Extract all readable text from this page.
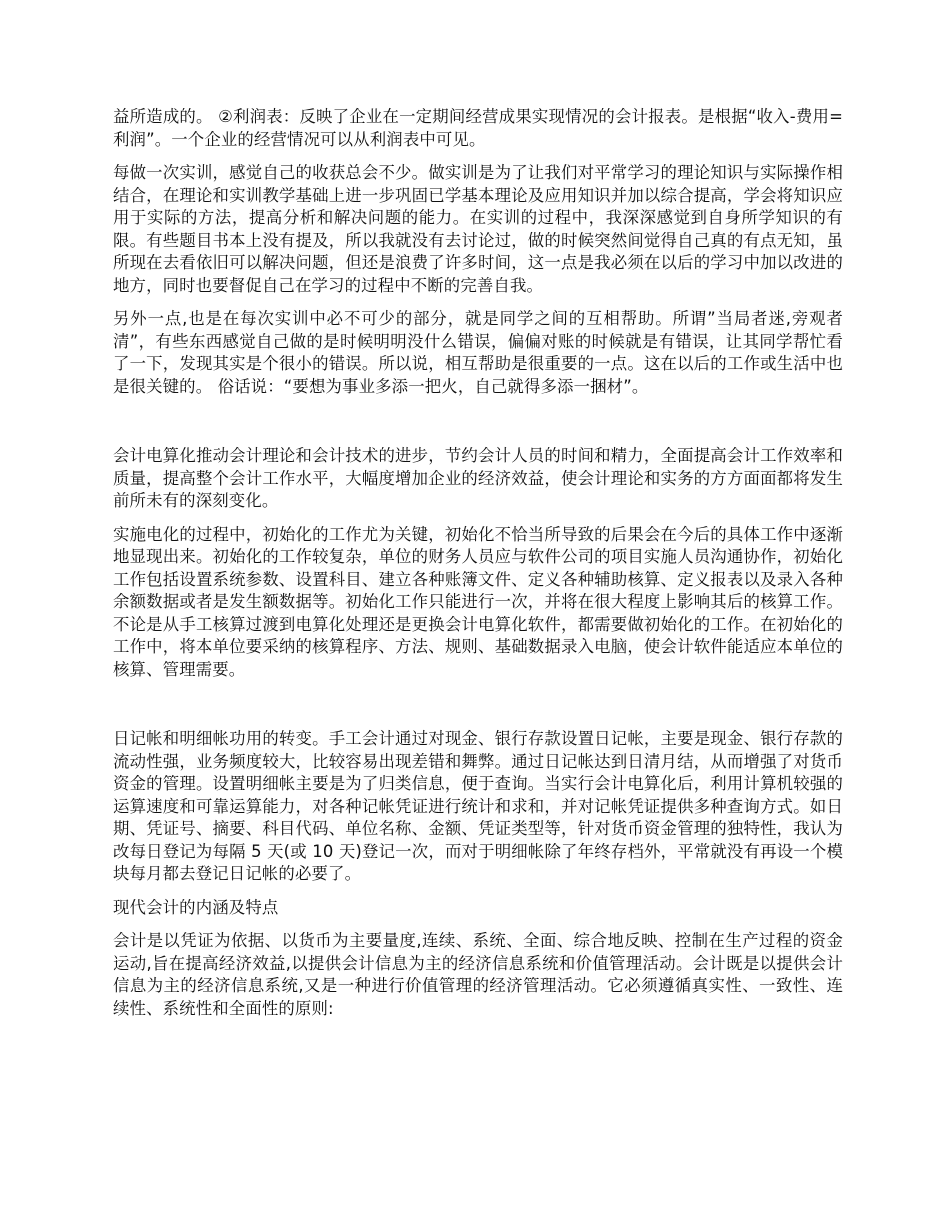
益所造成的。 ②利润表：反映了企业在一定期间经营成果实现情况的会计报表。是根据“收入-费用=利润”。一个企业的经营情况可以从利润表中可见。

每做一次实训，感觉自己的收获总会不少。做实训是为了让我们对平常学习的理论知识与实际操作相结合，在理论和实训教学基础上进一步巩固已学基本理论及应用知识并加以综合提高，学会将知识应用于实际的方法，提高分析和解决问题的能力。在实训的过程中，我深深感觉到自身所学知识的有限。有些题目书本上没有提及，所以我就没有去讨论过，做的时候突然间觉得自己真的有点无知，虽所现在去看依旧可以解决问题，但还是浪费了许多时间，这一点是我必须在以后的学习中加以改进的地方，同时也要督促自己在学习的过程中不断的完善自我。

另外一点,也是在每次实训中必不可少的部分，就是同学之间的互相帮助。所谓”当局者迷,旁观者清”，有些东西感觉自己做的是时候明明没什么错误，偏偏对账的时候就是有错误，让其同学帮忙看了一下，发现其实是个很小的错误。所以说，相互帮助是很重要的一点。这在以后的工作或生活中也是很关键的。 俗话说：“要想为事业多添一把火，自己就得多添一捆材”。

会计电算化推动会计理论和会计技术的进步，节约会计人员的时间和精力，全面提高会计工作效率和质量，提高整个会计工作水平，大幅度增加企业的经济效益，使会计理论和实务的方方面面都将发生前所未有的深刻变化。

实施电化的过程中，初始化的工作尤为关键，初始化不恰当所导致的后果会在今后的具体工作中逐渐地显现出来。初始化的工作较复杂，单位的财务人员应与软件公司的项目实施人员沟通协作，初始化工作包括设置系统参数、设置科目、建立各种账簿文件、定义各种辅助核算、定义报表以及录入各种余额数据或者是发生额数据等。初始化工作只能进行一次，并将在很大程度上影响其后的核算工作。不论是从手工核算过渡到电算化处理还是更换会计电算化软件，都需要做初始化的工作。在初始化的工作中，将本单位要采纳的核算程序、方法、规则、基础数据录入电脑，使会计软件能适应本单位的核算、管理需要。

日记帐和明细帐功用的转变。手工会计通过对现金、银行存款设置日记帐，主要是现金、银行存款的流动性强，业务频度较大，比较容易出现差错和舞弊。通过日记帐达到日清月结，从而增强了对货币资金的管理。设置明细帐主要是为了归类信息，便于查询。当实行会计电算化后，利用计算机较强的运算速度和可靠运算能力，对各种记帐凭证进行统计和求和，并对记帐凭证提供多种查询方式。如日期、凭证号、摘要、科目代码、单位名称、金额、凭证类型等，针对货币资金管理的独特性，我认为改每日登记为每隔 5 天(或 10 天)登记一次，而对于明细帐除了年终存档外，平常就没有再设一个模块每月都去登记日记帐的必要了。

现代会计的内涵及特点

会计是以凭证为依据、以货币为主要量度,连续、系统、全面、综合地反映、控制在生产过程的资金运动,旨在提高经济效益,以提供会计信息为主的经济信息系统和价值管理活动。会计既是以提供会计信息为主的经济信息系统,又是一种进行价值管理的经济管理活动。它必须遵循真实性、一致性、连续性、系统性和全面性的原则:
